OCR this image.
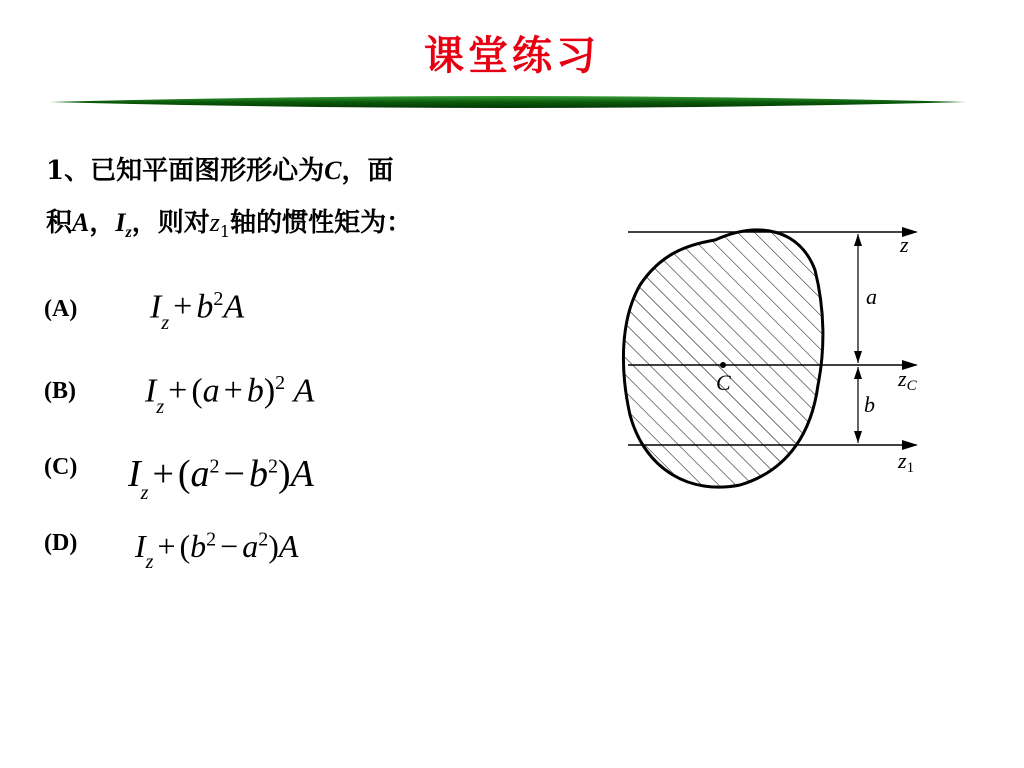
课堂练习
1、已知平面图形形心为C，面
积A，$I_z$，则对$z_1$轴的惯性矩为：
(A) $I_z + b^2A$
(B) $I_z + (a + b)^2$ A
(C) $I_z + (a^2 - b^2)A$
(D) $I_z + (b^2 - a^2)A$
z
a
C	zC
b
z1
